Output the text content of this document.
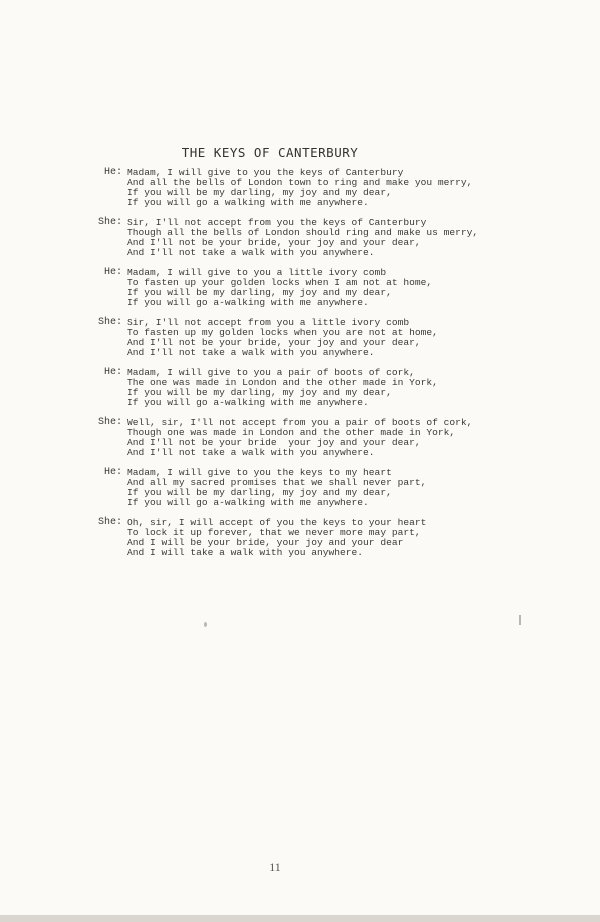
THE KEYS OF CANTERBURY
He: Madam, I will give to you the keys of Canterbury
And all the bells of London town to ring and make you merry,
If you will be my darling, my joy and my dear,
If you will go a walking with me anywhere.
She: Sir, I'll not accept from you the keys of Canterbury
Though all the bells of London should ring and make us merry,
And I'll not be your bride, your joy and your dear,
And I'll not take a walk with you anywhere.
He: Madam, I will give to you a little ivory comb
To fasten up your golden locks when I am not at home,
If you will be my darling, my joy and my dear,
If you will go a-walking with me anywhere.
She: Sir, I'll not accept from you a little ivory comb
To fasten up my golden locks when you are not at home,
And I'll not be your bride, your joy and your dear,
And I'll not take a walk with you anywhere.
He: Madam, I will give to you a pair of boots of cork,
The one was made in London and the other made in York,
If you will be my darling, my joy and my dear,
If you will go a-walking with me anywhere.
She: Well, sir, I'll not accept from you a pair of boots of cork,
Though one was made in London and the other made in York,
And I'll not be your bride  your joy and your dear,
And I'll not take a walk with you anywhere.
He: Madam, I will give to you the keys to my heart
And all my sacred promises that we shall never part,
If you will be my darling, my joy and my dear,
If you will go a-walking with me anywhere.
She: Oh, sir, I will accept of you the keys to your heart
To lock it up forever, that we never more may part,
And I will be your bride, your joy and your dear
And I will take a walk with you anywhere.
11
